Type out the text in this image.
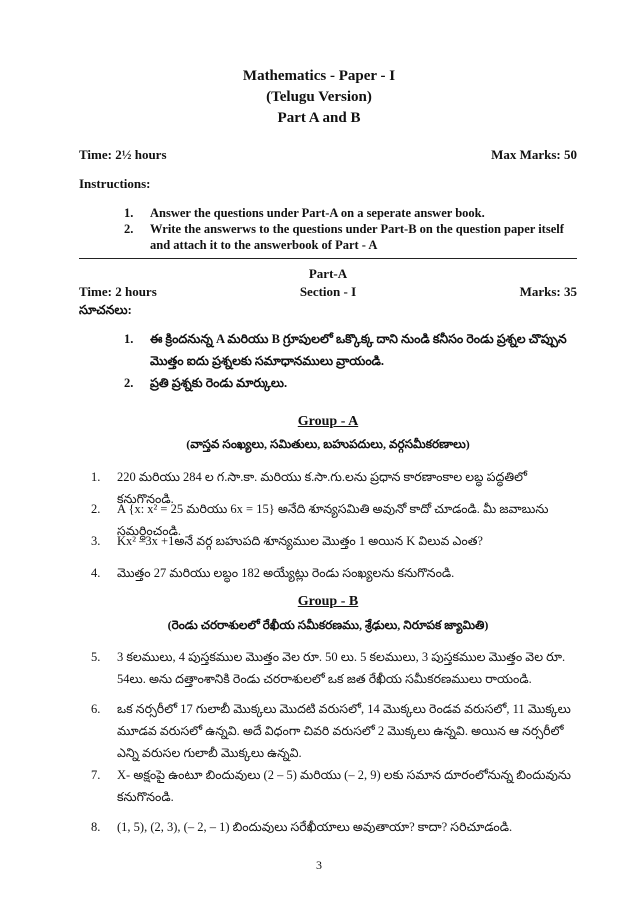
Mathematics - Paper - I
(Telugu Version)
Part A and B
Time: 2½ hours	Max Marks: 50
Instructions:
1. Answer the questions under Part-A on a seperate answer book.
2. Write the answerws to the questions under Part-B on the question paper itself and attach it to the answerbook of Part - A
Part-A
Time: 2 hours	Section - I	Marks: 35
సూచనలు:
1. ఈ క్రిందనున్న A మరియు B గ్రూపులలో ఒక్కొక్క దాని నుండి కనీసం రెండు ప్రశ్నల చొప్పున మొత్తం ఐదు ప్రశ్నలకు సమాధానములు వ్రాయండి.
2. ప్రతి ప్రశ్నకు రెండు మార్కులు.
Group - A
(వాస్తవ సంఖ్యలు, సమితులు, బహుపదులు, వర్గసమీకరణాలు)
1. 220 మరియు 284 ల గ.సా.కా. మరియు క.సా.గు.లను ప్రధాన కారణాంకాల లబ్ధ పద్ధతిలో కనుగొనండి.
2. A {x: x² = 25 మరియు 6x = 15} అనేది శూన్యసమితి అవునో కాదో చూడండి. మీ జవాబును సమర్ధించండి.
3. Kx² –3x +1అనే వర్గ బహుపది శూన్యముల మొత్తం 1 అయిన K విలువ ఎంత?
4. మొత్తం 27 మరియు లబ్ధం 182 అయ్యేట్లు రెండు సంఖ్యలను కనుగొనండి.
Group - B
(రెండు చరరాశులలో రేఖీయ సమీకరణము, శ్రేఢులు, నిరూపక జ్యామితి)
5. 3 కలములు, 4 పుస్తకముల మొత్తం వెల రూ. 50 లు. 5 కలములు, 3 పుస్తకముల మొత్తం వెల రూ. 54లు. అను దత్తాంశానికి రెండు చరరాశులలో ఒక జత రేఖీయ సమీకరణములు రాయండి.
6. ఒక నర్సరీలో 17 గులాబీ మొక్కలు మొదటి వరుసలో, 14 మొక్కలు రెండవ వరుసలో, 11 మొక్కలు మూడవ వరుసలో ఉన్నవి. అదే విధంగా చివరి వరుసలో 2 మొక్కలు ఉన్నవి. అయిన ఆ నర్సరీలో ఎన్ని వరుసల గులాబీ మొక్కలు ఉన్నవి.
7. X- అక్షంపై ఉంటూ బిందువులు (2 – 5) మరియు (– 2, 9) లకు సమాన దూరంలోనున్న బిందువును కనుగొనండి.
8. (1, 5), (2, 3), (– 2, – 1) బిందువులు సరేఖీయాలు అవుతాయా? కాదా? సరిచూడండి.
3
